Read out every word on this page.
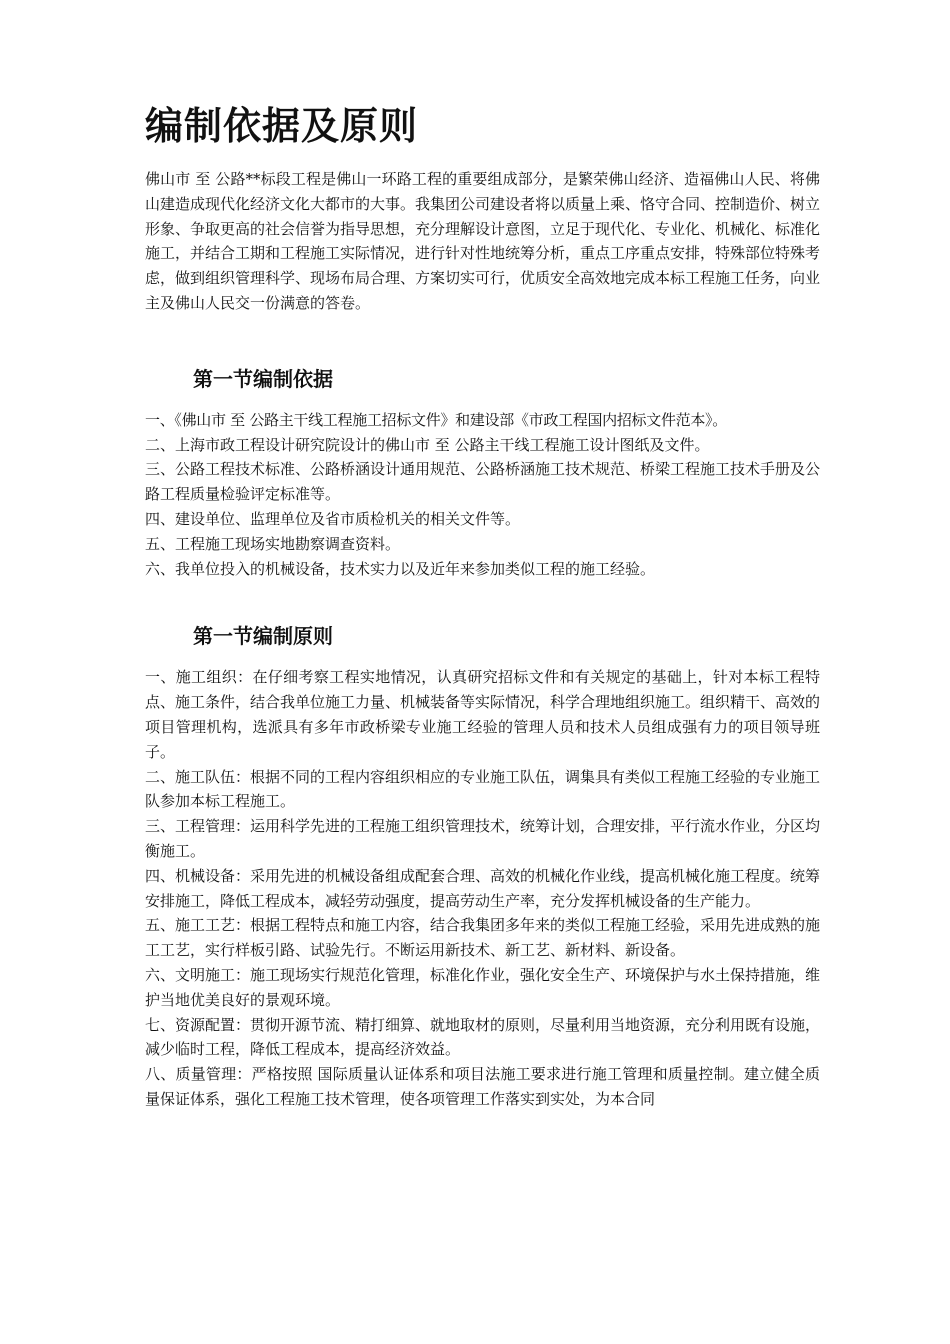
编制依据及原则

佛山市 至 公路**标段工程是佛山一环路工程的重要组成部分，是繁荣佛山经济、造福佛山人民、将佛山建造成现代化经济文化大都市的大事。我集团公司建设者将以质量上乘、恪守合同、控制造价、树立形象、争取更高的社会信誉为指导思想，充分理解设计意图，立足于现代化、专业化、机械化、标准化施工，并结合工期和工程施工实际情况，进行针对性地统筹分析，重点工序重点安排，特殊部位特殊考虑，做到组织管理科学、现场布局合理、方案切实可行，优质安全高效地完成本标工程施工任务，向业主及佛山人民交一份满意的答卷。

第一节编制依据
一、《佛山市 至 公路主干线工程施工招标文件》和建设部《市政工程国内招标文件范本》。
二、上海市政工程设计研究院设计的佛山市 至 公路主干线工程施工设计图纸及文件。
三、公路工程技术标准、公路桥涵设计通用规范、公路桥涵施工技术规范、桥梁工程施工技术手册及公路工程质量检验评定标准等。
四、建设单位、监理单位及省市质检机关的相关文件等。
五、工程施工现场实地勘察调查资料。
六、我单位投入的机械设备，技术实力以及近年来参加类似工程的施工经验。
第一节编制原则
一、施工组织：在仔细考察工程实地情况，认真研究招标文件和有关规定的基础上，针对本标工程特点、施工条件，结合我单位施工力量、机械装备等实际情况，科学合理地组织施工。组织精干、高效的项目管理机构，选派具有多年市政桥梁专业施工经验的管理人员和技术人员组成强有力的项目领导班子。
二、施工队伍：根据不同的工程内容组织相应的专业施工队伍，调集具有类似工程施工经验的专业施工队参加本标工程施工。
三、工程管理：运用科学先进的工程施工组织管理技术，统筹计划，合理安排，平行流水作业，分区均衡施工。
四、机械设备：采用先进的机械设备组成配套合理、高效的机械化作业线，提高机械化施工程度。统筹安排施工，降低工程成本，减轻劳动强度，提高劳动生产率，充分发挥机械设备的生产能力。
五、施工工艺：根据工程特点和施工内容，结合我集团多年来的类似工程施工经验，采用先进成熟的施工工艺，实行样板引路、试验先行。不断运用新技术、新工艺、新材料、新设备。
六、文明施工：施工现场实行规范化管理，标准化作业，强化安全生产、环境保护与水土保持措施，维护当地优美良好的景观环境。
七、资源配置：贯彻开源节流、精打细算、就地取材的原则，尽量利用当地资源，充分利用既有设施，减少临时工程，降低工程成本，提高经济效益。
八、质量管理：严格按照 国际质量认证体系和项目法施工要求进行施工管理和质量控制。建立健全质量保证体系，强化工程施工技术管理，使各项管理工作落实到实处，为本合同
